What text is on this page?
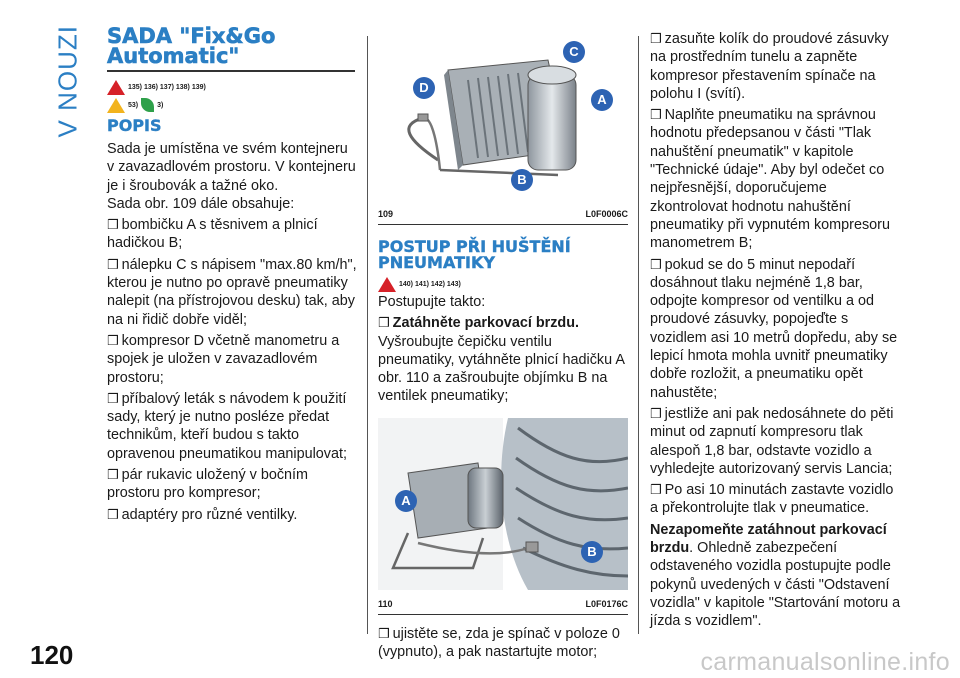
V NOUZI SADA "Fix&Go
Automatic"
135) 136) 137) 138) 139)
53)	3)
POPIS

Sada je umístěna ve svém kontejneru v zavazadlovém prostoru. V kontejneru je i šroubovák a tažné oko.

Sada obr. 109 dále obsahuje:

❒ bombičku A s těsnivem a plnicí hadičkou B;

❒ nálepku C s nápisem "max.80 km/h", kterou je nutno po opravě pneumatiky nalepit (na přístrojovou desku) tak, aby na ni řidič dobře viděl;

❒ kompresor D včetně manometru a spojek je uložen v zavazadlovém prostoru;

❒ příbalový leták s návodem k použití sady, který je nutno posléze předat technikům, kteří budou s takto opravenou pneumatikou manipulovat;

❒ pár rukavic uložený v bočním prostoru pro kompresor;

❒ adaptéry pro různé ventilky.

C
D
A
B
109	L0F0006C
POSTUP PŘI HUŠTĚNÍ
PNEUMATIKY
140) 141) 142) 143)

Postupujte takto:

❒ Zatáhněte parkovací brzdu.

Vyšroubujte čepičku ventilu pneumatiky, vytáhněte plnicí hadičku A obr. 110 a zašroubujte objímku B na ventilek pneumatiky;

A
B
110	L0F0176C

❒ ujistěte se, zda je spínač v poloze 0 (vypnuto), a pak nastartujte motor;

❒ zasuňte kolík do proudové zásuvky na prostředním tunelu a zapněte kompresor přestavením spínače na polohu I (svítí).

❒ Naplňte pneumatiku na správnou hodnotu předepsanou v části "Tlak nahuštění pneumatik" v kapitole "Technické údaje". Aby byl odečet co nejpřesnější, doporučujeme zkontrolovat hodnotu nahuštění pneumatiky při vypnutém kompresoru manometrem B;

❒ pokud se do 5 minut nepodaří dosáhnout tlaku nejméně 1,8 bar, odpojte kompresor od ventilku a od proudové zásuvky, popojeďte s vozidlem asi 10 metrů dopředu, aby se lepicí hmota mohla uvnitř pneumatiky dobře rozložit, a pneumatiku opět nahustěte;

❒ jestliže ani pak nedosáhnete do pěti minut od zapnutí kompresoru tlak alespoň 1,8 bar, odstavte vozidlo a vyhledejte autorizovaný servis Lancia;

❒ Po asi 10 minutách zastavte vozidlo a překontrolujte tlak v pneumatice.

Nezapomeňte zatáhnout parkovací brzdu. Ohledně zabezpečení odstaveného vozidla postupujte podle pokynů uvedených v části "Odstavení vozidla" v kapitole "Startování motoru a jízda s vozidlem".

120	carmanualsonline.info
